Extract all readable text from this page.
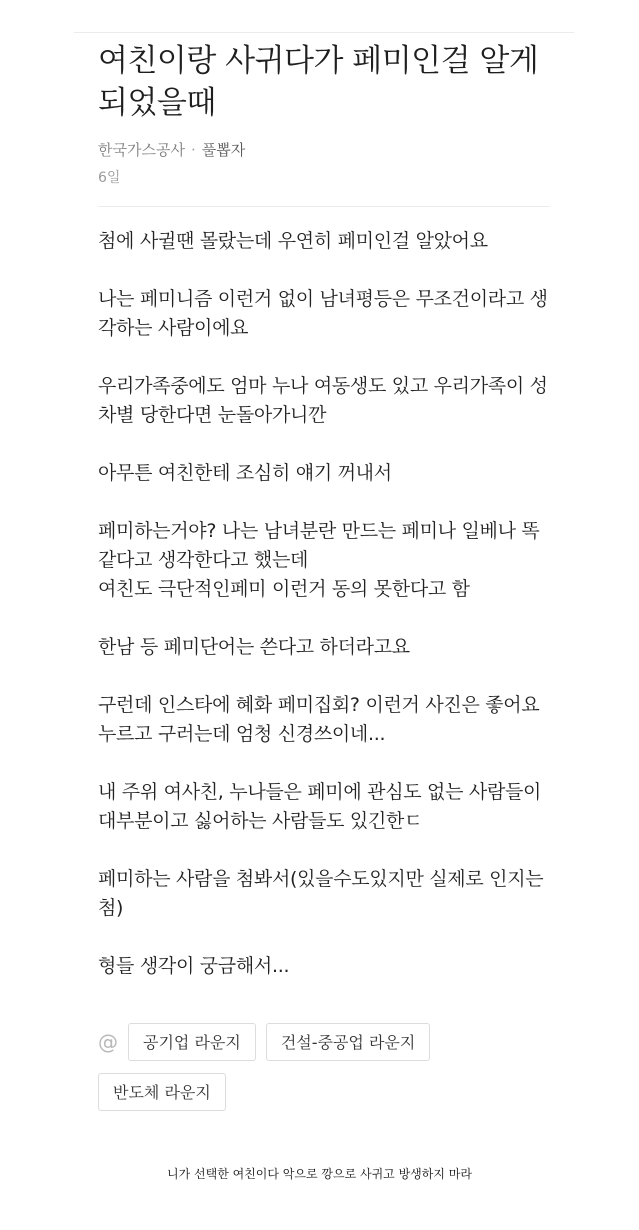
여친이랑 사귀다가 페미인걸 알게 되었을때
한국가스공사 · 풀뽑자
6일

첨에 사귈땐 몰랐는데 우연히 페미인걸 알았어요

나는 페미니즘 이런거 없이 남녀평등은 무조건이라고 생각하는 사람이에요

우리가족중에도 엄마 누나 여동생도 있고 우리가족이 성차별 당한다면 눈돌아가니깐

아무튼 여친한테 조심히 얘기 꺼내서

페미하는거야? 나는 남녀분란 만드는 페미나 일베나 똑같다고 생각한다고 했는데

여친도 극단적인페미 이런거 동의 못한다고 함

한남 등 페미단어는 쓴다고 하더라고요

구런데 인스타에 혜화 페미집회? 이런거 사진은 좋어요 누르고 구러는데 엄청 신경쓰이네...

내 주위 여사친, 누나들은 페미에 관심도 없는 사람들이 대부분이고 싫어하는 사람들도 있긴한ㄷ

페미하는 사람을 첨봐서(있을수도있지만 실제로 인지는 첨)

형들 생각이 궁금해서...

@	공기업 라운지	건설-중공업 라운지
반도체 라운지
니가 선택한 여친이다 악으로 깡으로 사귀고 방생하지 마라
